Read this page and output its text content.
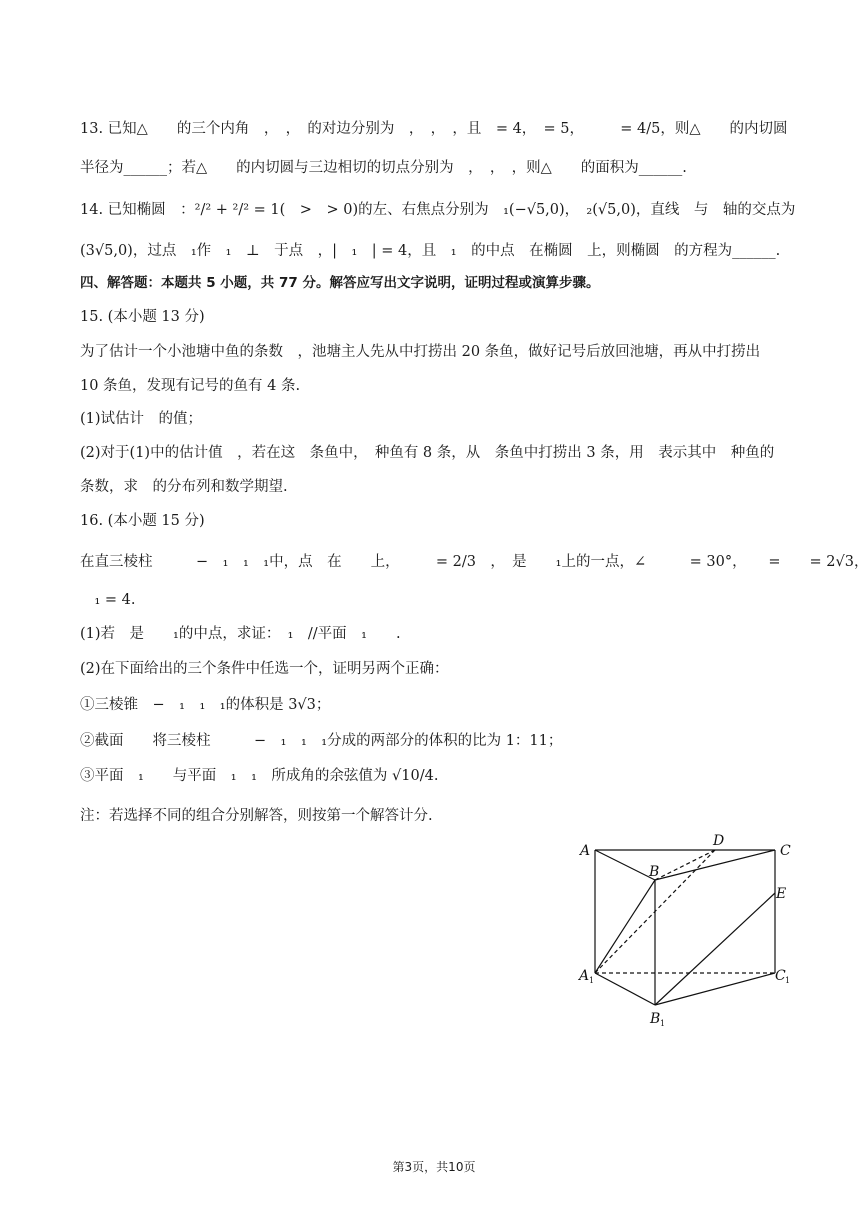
13. 已知△　　的三个内角　，　，　的对边分别为　，　，　，且　= 4，　= 5，　　　= 4/5，则△　　的内切圆
半径为______；若△　　的内切圆与三边相切的切点分别为　，　，　，则△　　的面积为______.
14. 已知椭圆　：²/² + ²/² = 1(　>　> 0)的左、右焦点分别为　₁(−√5,0)，　₂(√5,0)，直线　与　轴的交点为
(3√5,0)，过点　₁作　₁　⊥　于点　，|　₁　| = 4，且　₁　的中点　在椭圆　上，则椭圆　的方程为______.
四、解答题：本题共 5 小题，共 77 分。解答应写出文字说明，证明过程或演算步骤。
15. (本小题 13 分)
为了估计一个小池塘中鱼的条数　，池塘主人先从中打捞出 20 条鱼，做好记号后放回池塘，再从中打捞出
10 条鱼，发现有记号的鱼有 4 条.
(1)试估计　的值；
(2)对于(1)中的估计值　，若在这　条鱼中，　种鱼有 8 条，从　条鱼中打捞出 3 条，用　表示其中　种鱼的
条数，求　的分布列和数学期望.
16. (本小题 15 分)
在直三棱柱　　　−　₁　₁　₁中，点　在　　上，　　　= 2/3　，　是　　₁上的一点，∠　　　= 30°，　　=　　= 2√3，
　₁ = 4.
(1)若　是　　₁的中点，求证：　₁　//平面　₁　　.
(2)在下面给出的三个条件中任选一个，证明另两个正确：
①三棱锥　−　₁　₁　₁的体积是 3√3；
②截面　　将三棱柱　　　−　₁　₁　₁分成的两部分的体积的比为 1：11；
③平面　₁　　与平面　₁　₁　所成角的余弦值为 √10/4.
注：若选择不同的组合分别解答，则按第一个解答计分.
A
B
C
D
E
A 1	C 1
B 1
第3页，共10页
